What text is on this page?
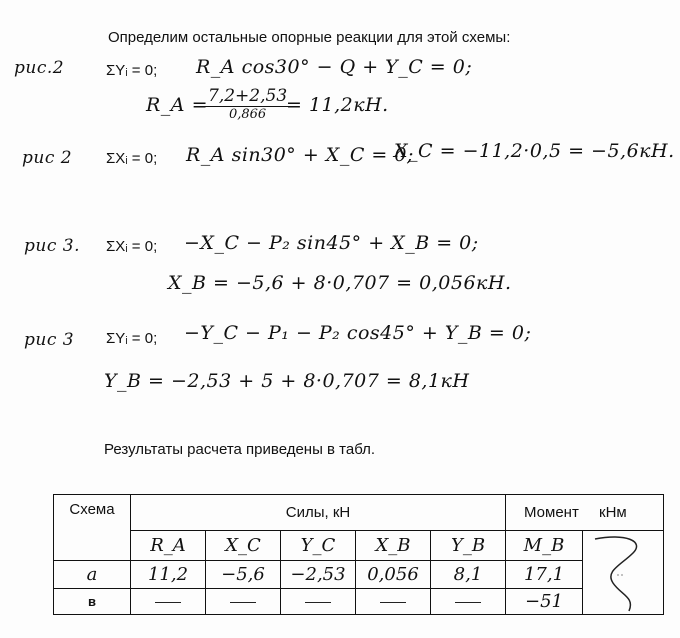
Определим остальные опорные реакции для этой схемы:
рис.2	ΣYᵢ = 0; R_A cos30° − Q + Y_C = 0;
R_A = 7,2+2,53
0,866	= 11,2кН.
рис 2 ΣXᵢ = 0; R_A sin30° + X_C = 0;
X_C = −11,2·0,5 = −5,6кН.
рис 3. ΣXᵢ = 0; −X_C − P₂ sin45° + X_B = 0;
X_B = −5,6 + 8·0,707 = 0,056кН.
рис 3 ΣYᵢ = 0; −Y_C − P₁ − P₂ cos45° + Y_B = 0;
Y_B = −2,53 + 5 + 8·0,707 = 8,1кН
Результаты расчета приведены в табл.
Схема	Силы, кН					Момент кНм	
	R_A	X_C	Y_C	X_B	Y_B	M_B	

a	11,2	−5,6	−2,53	0,056	8,1	17,1	
в						−51	
